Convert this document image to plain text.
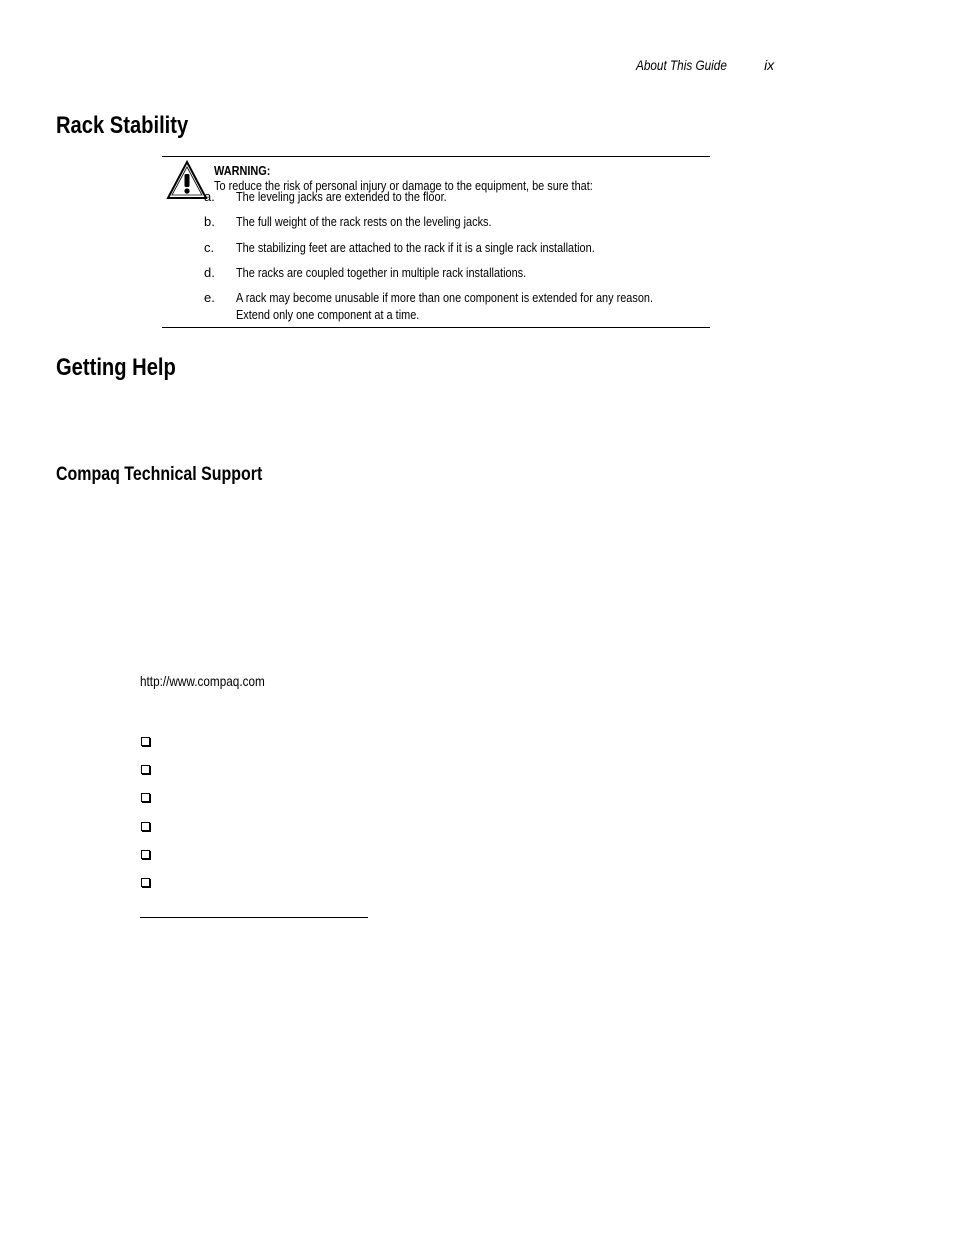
About This Guide	ix
Rack Stability
WARNING: To reduce the risk of personal injury or damage to the equipment, be sure that:
a. The leveling jacks are extended to the floor.
b. The full weight of the rack rests on the leveling jacks.
c. The stabilizing feet are attached to the rack if it is a single rack installation.
d. The racks are coupled together in multiple rack installations.
e. A rack may become unusable if more than one component is extended for any reason.
Extend only one component at a time.
Getting Help
Compaq Technical Support
http://www.compaq.com
